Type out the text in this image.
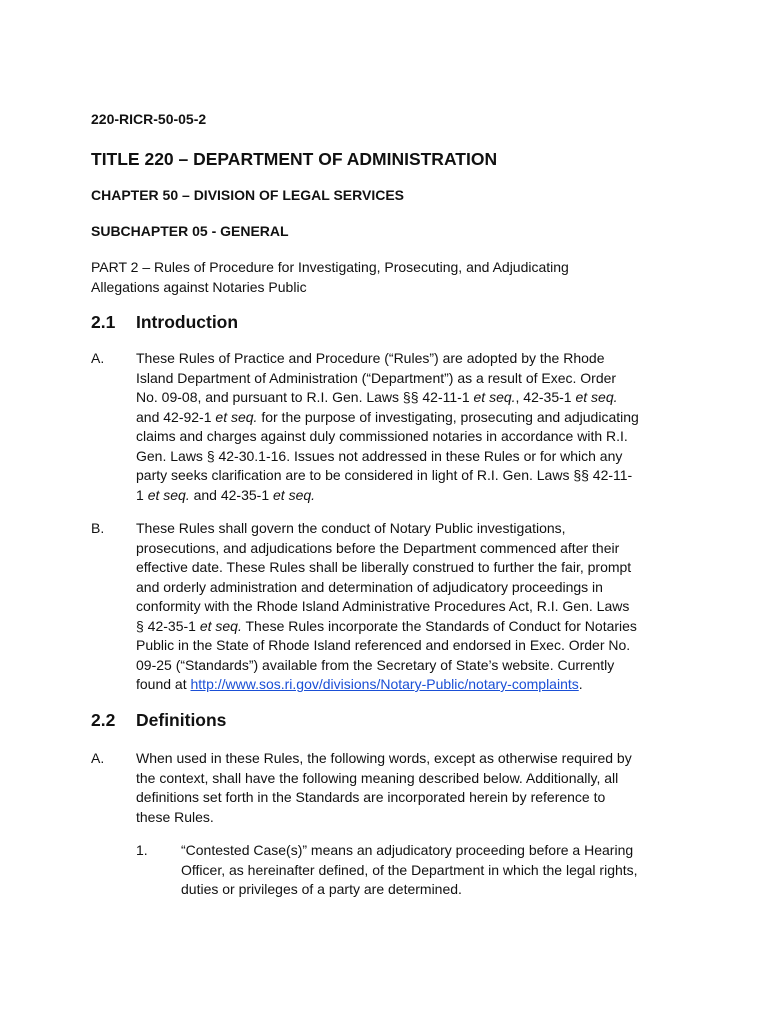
220-RICR-50-05-2
TITLE 220 – DEPARTMENT OF ADMINISTRATION
CHAPTER 50 – DIVISION OF LEGAL SERVICES
SUBCHAPTER 05 - GENERAL
PART 2 – Rules of Procedure for Investigating, Prosecuting, and Adjudicating
Allegations against Notaries Public
2.1 Introduction
A. These Rules of Practice and Procedure (“Rules”) are adopted by the Rhode
Island Department of Administration (“Department”) as a result of Exec. Order
No. 09-08, and pursuant to R.I. Gen. Laws §§ 42-11-1 et seq., 42-35-1 et seq.
and 42-92-1 et seq. for the purpose of investigating, prosecuting and adjudicating
claims and charges against duly commissioned notaries in accordance with R.I.
Gen. Laws § 42-30.1-16. Issues not addressed in these Rules or for which any
party seeks clarification are to be considered in light of R.I. Gen. Laws §§ 42-11-
1 et seq. and 42-35-1 et seq.
B. These Rules shall govern the conduct of Notary Public investigations,
prosecutions, and adjudications before the Department commenced after their
effective date. These Rules shall be liberally construed to further the fair, prompt
and orderly administration and determination of adjudicatory proceedings in
conformity with the Rhode Island Administrative Procedures Act, R.I. Gen. Laws
§ 42-35-1 et seq. These Rules incorporate the Standards of Conduct for Notaries
Public in the State of Rhode Island referenced and endorsed in Exec. Order No.
09-25 (“Standards”) available from the Secretary of State’s website. Currently
found at http://www.sos.ri.gov/divisions/Notary-Public/notary-complaints.
2.2 Definitions
A. When used in these Rules, the following words, except as otherwise required by
the context, shall have the following meaning described below. Additionally, all
definitions set forth in the Standards are incorporated herein by reference to
these Rules.
1. “Contested Case(s)” means an adjudicatory proceeding before a Hearing
Officer, as hereinafter defined, of the Department in which the legal rights,
duties or privileges of a party are determined.
